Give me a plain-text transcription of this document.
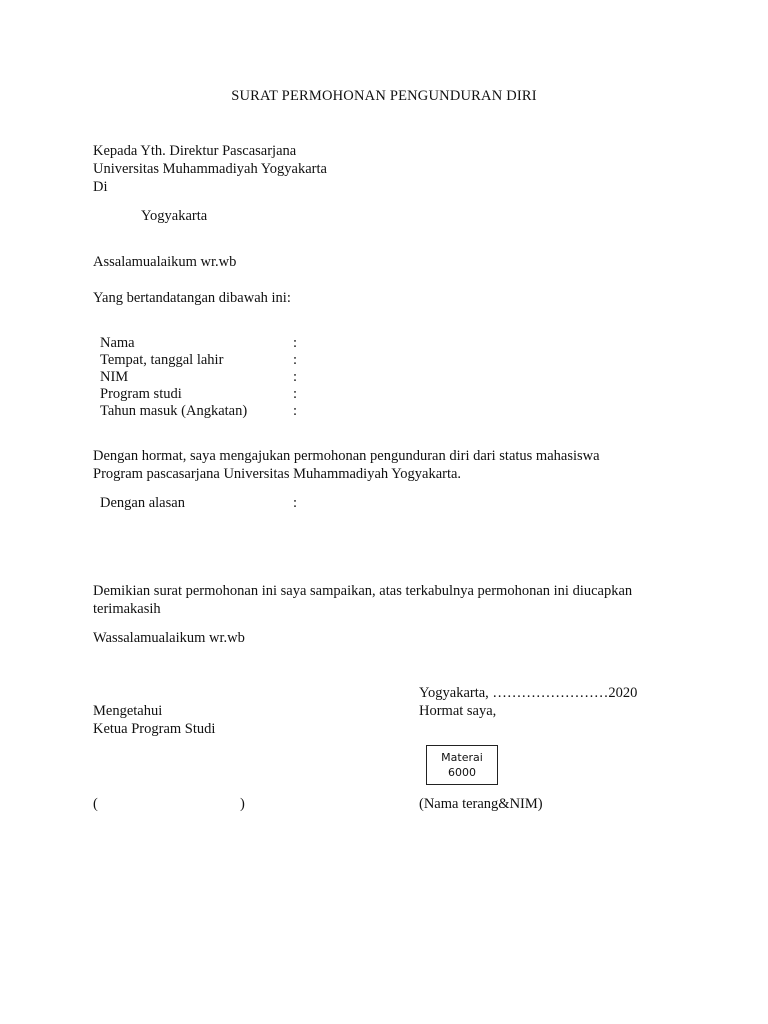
SURAT PERMOHONAN PENGUNDURAN DIRI
Kepada Yth. Direktur Pascasarjana
Universitas Muhammadiyah Yogyakarta
Di
Yogyakarta
Assalamualaikum wr.wb
Yang bertandatangan dibawah ini:
Nama	:
Tempat, tanggal lahir	:
NIM	:
Program studi	:
Tahun masuk (Angkatan)	:
Dengan hormat, saya mengajukan permohonan pengunduran diri dari status mahasiswa
Program pascasarjana Universitas Muhammadiyah Yogyakarta.
Dengan alasan	:
Demikian surat permohonan ini saya sampaikan, atas terkabulnya permohonan ini diucapkan
terimakasih
Wassalamualaikum wr.wb
Yogyakarta, ……………………2020
Mengetahui	Hormat saya,
Ketua Program Studi
Materai
6000
(	)	(Nama terang&NIM)
